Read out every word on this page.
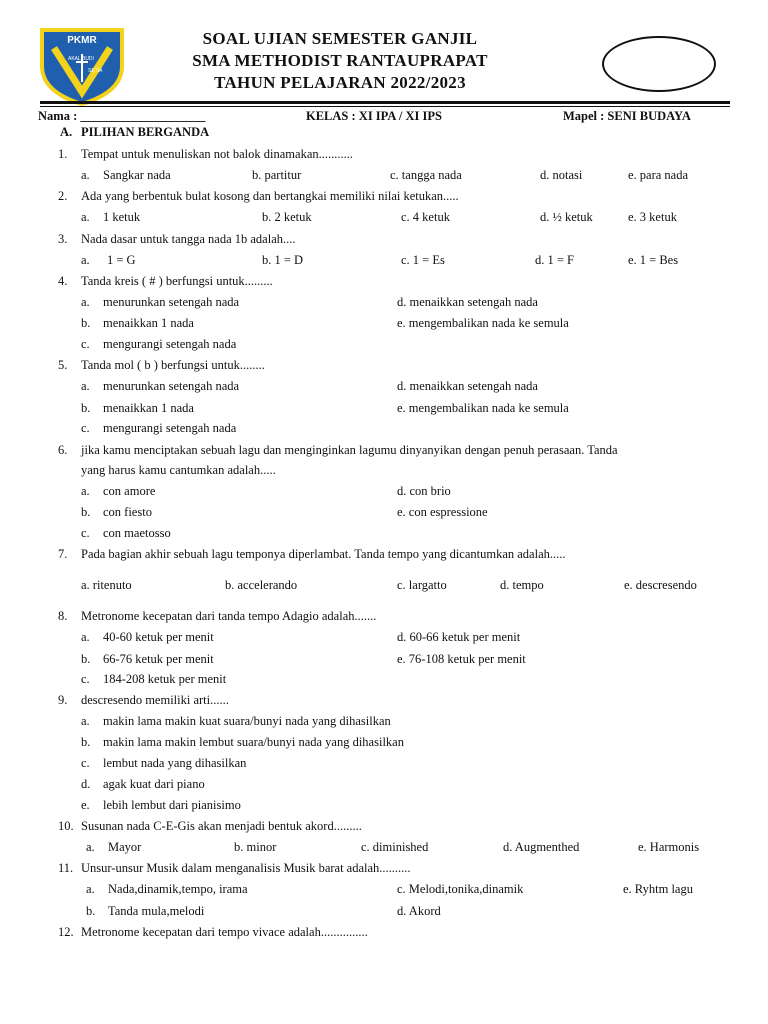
PKMR
AKAL BUDI
SETIA
SOAL UJIAN SEMESTER GANJIL
SMA METHODIST RANTAUPRAPAT
TAHUN PELAJARAN 2022/2023
Nama : ____________________	KELAS : XI IPA / XI IPS	Mapel : SENI BUDAYA
A. PILIHAN BERGANDA
1. Tempat untuk menuliskan not balok dinamakan...........
a. Sangkar nada	b. partitur	c. tangga nada	d. notasi	e. para nada
2. Ada yang berbentuk bulat kosong dan bertangkai memiliki nilai ketukan.....
a. 1 ketuk	b. 2 ketuk	c. 4 ketuk	d. ½ ketuk	e. 3 ketuk
3. Nada dasar untuk tangga nada 1b adalah....
a. 1 = G	b. 1 = D	c. 1 = Es	d. 1 = F	e. 1 = Bes
4. Tanda kreis ( # ) berfungsi untuk.........
a. menurunkan setengah nada	d. menaikkan setengah nada
b. menaikkan 1 nada	e. mengembalikan nada ke semula
c. mengurangi setengah nada
5. Tanda mol ( b ) berfungsi untuk........
a. menurunkan setengah nada	d. menaikkan setengah nada
b. menaikkan 1 nada	e. mengembalikan nada ke semula
c. mengurangi setengah nada
6. jika kamu menciptakan sebuah lagu dan menginginkan lagumu dinyanyikan dengan penuh perasaan. Tanda
yang harus kamu cantumkan adalah.....
a. con amore	d. con brio
b. con fiesto	e. con espressione
c. con maetosso
7. Pada bagian akhir sebuah lagu temponya diperlambat. Tanda tempo yang dicantumkan adalah.....
a. ritenuto	b. accelerando	c. largatto	d. tempo	e. descresendo
8. Metronome kecepatan dari tanda tempo Adagio adalah.......
a. 40-60 ketuk per menit	d. 60-66 ketuk per menit
b. 66-76 ketuk per menit	e. 76-108 ketuk per menit
c. 184-208 ketuk per menit
9. descresendo memiliki arti......
a. makin lama makin kuat suara/bunyi nada yang dihasilkan
b. makin lama makin lembut suara/bunyi nada yang dihasilkan
c. lembut nada yang dihasilkan
d. agak kuat dari piano
e. lebih lembut dari pianisimo
10. Susunan nada C-E-Gis akan menjadi bentuk akord.........
a. Mayor	b. minor	c. diminished	d. Augmenthed	e. Harmonis
11. Unsur-unsur Musik dalam menganalisis Musik barat adalah..........
a. Nada,dinamik,tempo, irama	c. Melodi,tonika,dinamik	e. Ryhtm lagu
b. Tanda mula,melodi	d. Akord
12. Metronome kecepatan dari tempo vivace adalah...............
